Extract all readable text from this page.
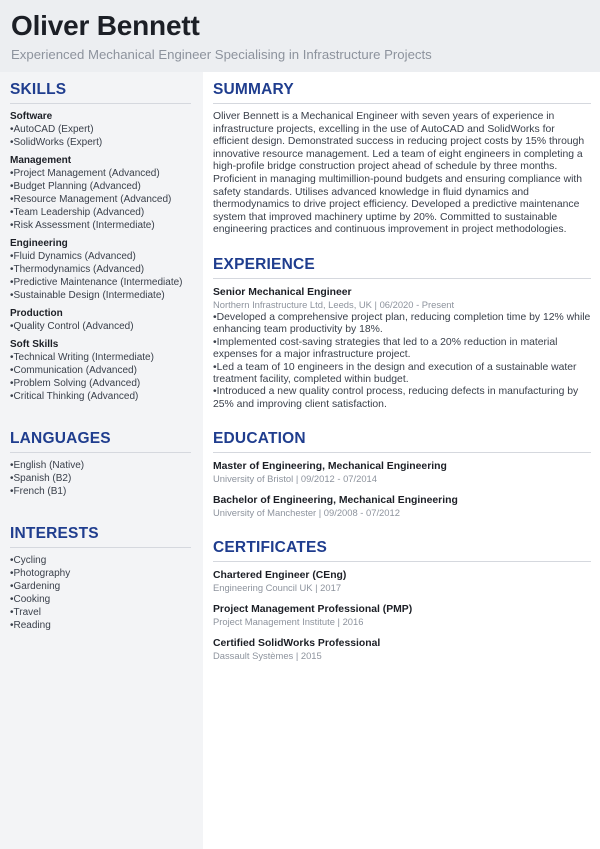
Oliver Bennett
Experienced Mechanical Engineer Specialising in Infrastructure Projects
SKILLS
Software
• AutoCAD (Expert)
• SolidWorks (Expert)
Management
• Project Management (Advanced)
• Budget Planning (Advanced)
• Resource Management (Advanced)
• Team Leadership (Advanced)
• Risk Assessment (Intermediate)
Engineering
• Fluid Dynamics (Advanced)
• Thermodynamics (Advanced)
• Predictive Maintenance (Intermediate)
• Sustainable Design (Intermediate)
Production
• Quality Control (Advanced)
Soft Skills
• Technical Writing (Intermediate)
• Communication (Advanced)
• Problem Solving (Advanced)
• Critical Thinking (Advanced)
LANGUAGES
• English (Native)
• Spanish (B2)
• French (B1)
INTERESTS
• Cycling
• Photography
• Gardening
• Cooking
• Travel
• Reading
SUMMARY
Oliver Bennett is a Mechanical Engineer with seven years of experience in infrastructure projects, excelling in the use of AutoCAD and SolidWorks for efficient design. Demonstrated success in reducing project costs by 15% through innovative resource management. Led a team of eight engineers in completing a high-profile bridge construction project ahead of schedule by three months. Proficient in managing multimillion-pound budgets and ensuring compliance with safety standards. Utilises advanced knowledge in fluid dynamics and thermodynamics to drive project efficiency. Developed a predictive maintenance system that improved machinery uptime by 20%. Committed to sustainable engineering practices and continuous improvement in project methodologies.
EXPERIENCE
Senior Mechanical Engineer
Northern Infrastructure Ltd, Leeds, UK | 06/2020 - Present
• Developed a comprehensive project plan, reducing completion time by 12% while enhancing team productivity by 18%.
• Implemented cost-saving strategies that led to a 20% reduction in material expenses for a major infrastructure project.
• Led a team of 10 engineers in the design and execution of a sustainable water treatment facility, completed within budget.
• Introduced a new quality control process, reducing defects in manufacturing by 25% and improving client satisfaction.
EDUCATION
Master of Engineering, Mechanical Engineering
University of Bristol | 09/2012 - 07/2014
Bachelor of Engineering, Mechanical Engineering
University of Manchester | 09/2008 - 07/2012
CERTIFICATES
Chartered Engineer (CEng)
Engineering Council UK | 2017
Project Management Professional (PMP)
Project Management Institute | 2016
Certified SolidWorks Professional
Dassault Systèmes | 2015
